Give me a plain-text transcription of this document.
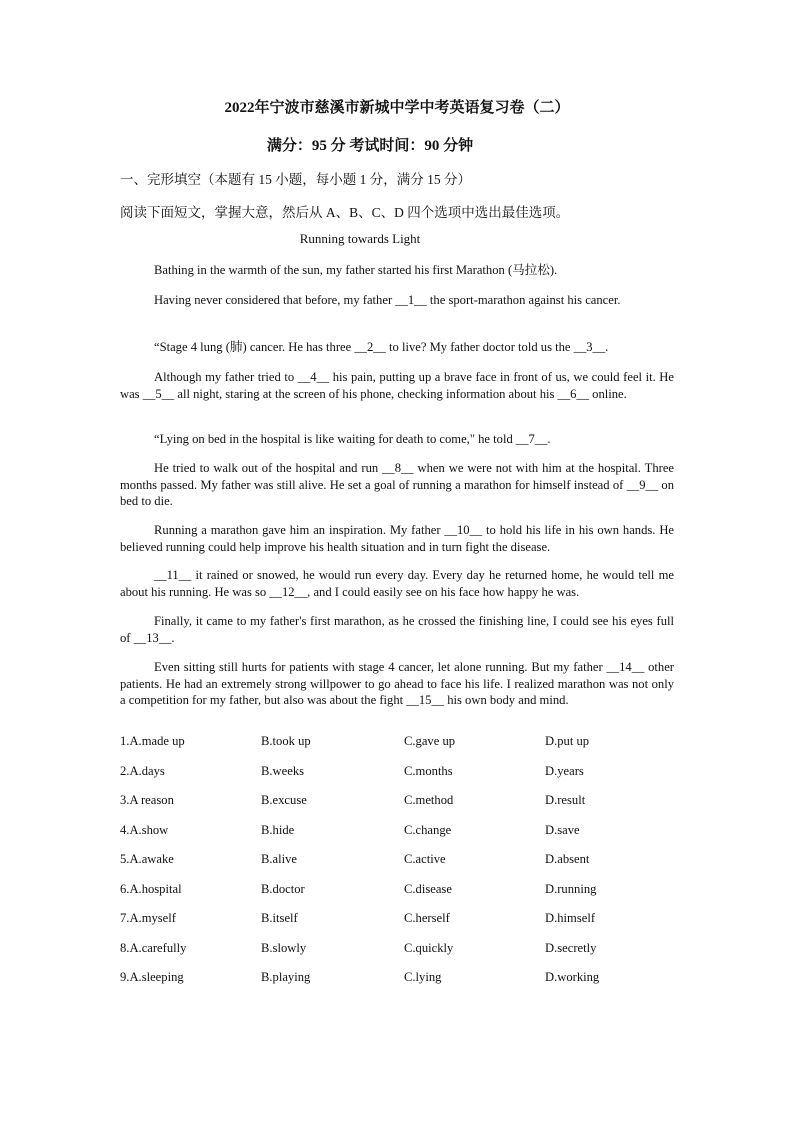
2022年宁波市慈溪市新城中学中考英语复习卷（二）
满分：95 分 考试时间：90 分钟
一、完形填空（本题有 15 小题，每小题 1 分，满分 15 分）
阅读下面短文，掌握大意，然后从 A、B、C、D 四个选项中选出最佳选项。
Running towards Light

Bathing in the warmth of the sun, my father started his first Marathon (马拉松).

Having never considered that before, my father __1__ the sport-marathon against his cancer.

“Stage 4 lung (肺) cancer. He has three __2__ to live? My father doctor told us the __3__.

Although my father tried to __4__ his pain, putting up a brave face in front of us, we could feel it. He was __5__ all night, staring at the screen of his phone, checking information about his __6__ online.

“Lying on bed in the hospital is like waiting for death to come," he told __7__.

He tried to walk out of the hospital and run __8__ when we were not with him at the hospital. Three months passed. My father was still alive. He set a goal of running a marathon for himself instead of __9__ on bed to die.

Running a marathon gave him an inspiration. My father __10__ to hold his life in his own hands. He believed running could help improve his health situation and in turn fight the disease.

__11__ it rained or snowed, he would run every day. Every day he returned home, he would tell me about his running. He was so __12__, and I could easily see on his face how happy he was.

Finally, it came to my father's first marathon, as he crossed the finishing line, I could see his eyes full of __13__.

Even sitting still hurts for patients with stage 4 cancer, let alone running. But my father __14__ other patients. He had an extremely strong willpower to go ahead to face his life. I realized marathon was not only a competition for my father, but also was about the fight __15__ his own body and mind.

1.A.made up	B.took up	C.gave up	D.put up
2.A.days	B.weeks	C.months	D.years
3.A reason	B.excuse	C.method	D.result
4.A.show	B.hide	C.change	D.save
5.A.awake	B.alive	C.active	D.absent
6.A.hospital	B.doctor	C.disease	D.running
7.A.myself	B.itself	C.herself	D.himself
8.A.carefully	B.slowly	C.quickly	D.secretly
9.A.sleeping	B.playing	C.lying	D.working
